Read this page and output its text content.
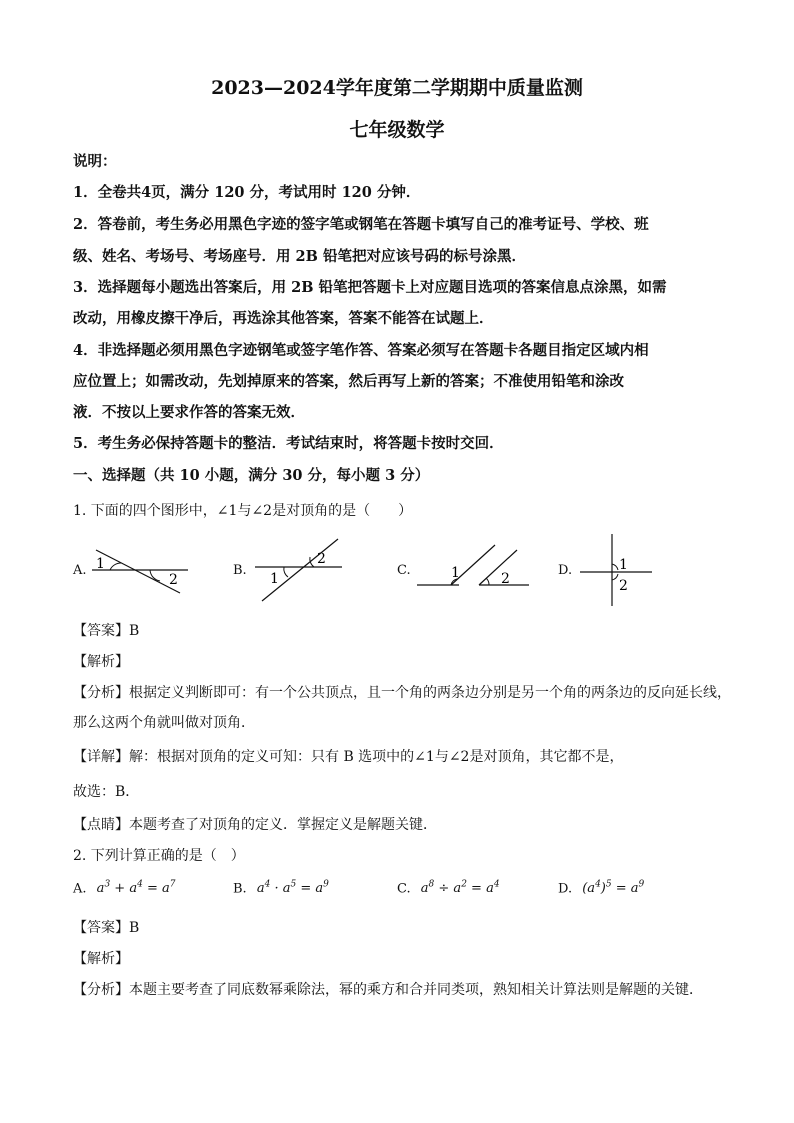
2023—2024学年度第二学期期中质量监测
七年级数学
说明：
1．全卷共4页，满分 120 分，考试用时 120 分钟．
2．答卷前，考生务必用黑色字迹的签字笔或钢笔在答题卡填写自己的准考证号、学校、班
级、姓名、考场号、考场座号．用 2B 铅笔把对应该号码的标号涂黑．
3．选择题每小题选出答案后，用 2B 铅笔把答题卡上对应题目选项的答案信息点涂黑，如需
改动，用橡皮擦干净后，再选涂其他答案，答案不能答在试题上．
4．非选择题必须用黑色字迹钢笔或签字笔作答、答案必须写在答题卡各题目指定区域内相
应位置上；如需改动，先划掉原来的答案，然后再写上新的答案；不准使用铅笔和涂改
液．不按以上要求作答的答案无效．
5．考生务必保持答题卡的整洁．考试结束时，将答题卡按时交回．
一、选择题（共 10 小题，满分 30 分，每小题 3 分）
1. 下面的四个图形中，∠1与∠2是对顶角的是（　　）
A. 1
2
B.
1
2
C.	1	2
D.	1
2
【答案】B
【解析】
【分析】根据定义判断即可：有一个公共顶点，且一个角的两条边分别是另一个角的两条边的反向延长线，
那么这两个角就叫做对顶角．
【详解】解：根据对顶角的定义可知：只有 B 选项中的∠1与∠2是对顶角，其它都不是，
故选：B．
【点睛】本题考查了对顶角的定义．掌握定义是解题关键．
2. 下列计算正确的是（　）
A. $a^3 + a^4 = a^7$	B. $a^4 \cdot a^5 = a^9$	C. $a^8 \div a^2 = a^4$	D. $(a^4)^5 = a^9$
【答案】B
【解析】
【分析】本题主要考查了同底数幂乘除法，幂的乘方和合并同类项，熟知相关计算法则是解题的关键．
